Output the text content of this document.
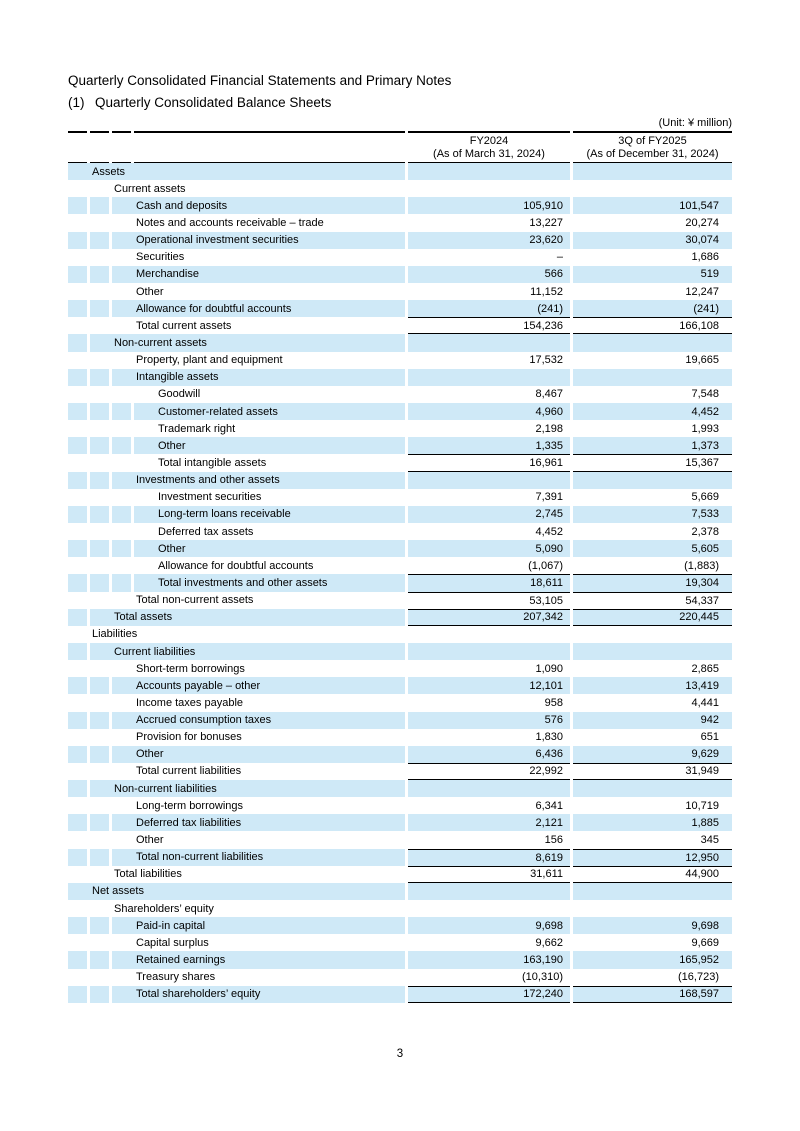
Quarterly Consolidated Financial Statements and Primary Notes
(1) Quarterly Consolidated Balance Sheets
(Unit: ¥ million)
FY2024
(As of March 31, 2024)
3Q of FY2025
(As of December 31, 2024)
Assets
Current assets
Cash and deposits	105,910	101,547
Notes and accounts receivable – trade	13,227	20,274
Operational investment securities	23,620	30,074
Securities	–	1,686
Merchandise	566	519
Other	11,152	12,247
Allowance for doubtful accounts	(241)	(241)
Total current assets	154,236	166,108
Non-current assets
Property, plant and equipment	17,532	19,665
Intangible assets
Goodwill	8,467	7,548
Customer-related assets	4,960	4,452
Trademark right	2,198	1,993
Other	1,335	1,373
Total intangible assets	16,961	15,367
Investments and other assets
Investment securities	7,391	5,669
Long-term loans receivable	2,745	7,533
Deferred tax assets	4,452	2,378
Other	5,090	5,605
Allowance for doubtful accounts	(1,067)	(1,883)
Total investments and other assets	18,611	19,304
Total non-current assets	53,105	54,337
Total assets	207,342	220,445
Liabilities
Current liabilities
Short-term borrowings	1,090	2,865
Accounts payable – other	12,101	13,419
Income taxes payable	958	4,441
Accrued consumption taxes	576	942
Provision for bonuses	1,830	651
Other	6,436	9,629
Total current liabilities	22,992	31,949
Non-current liabilities
Long-term borrowings	6,341	10,719
Deferred tax liabilities	2,121	1,885
Other	156	345
Total non-current liabilities	8,619	12,950
Total liabilities	31,611	44,900
Net assets
Shareholders’ equity
Paid-in capital	9,698	9,698
Capital surplus	9,662	9,669
Retained earnings	163,190	165,952
Treasury shares	(10,310)	(16,723)
Total shareholders’ equity	172,240	168,597
3
